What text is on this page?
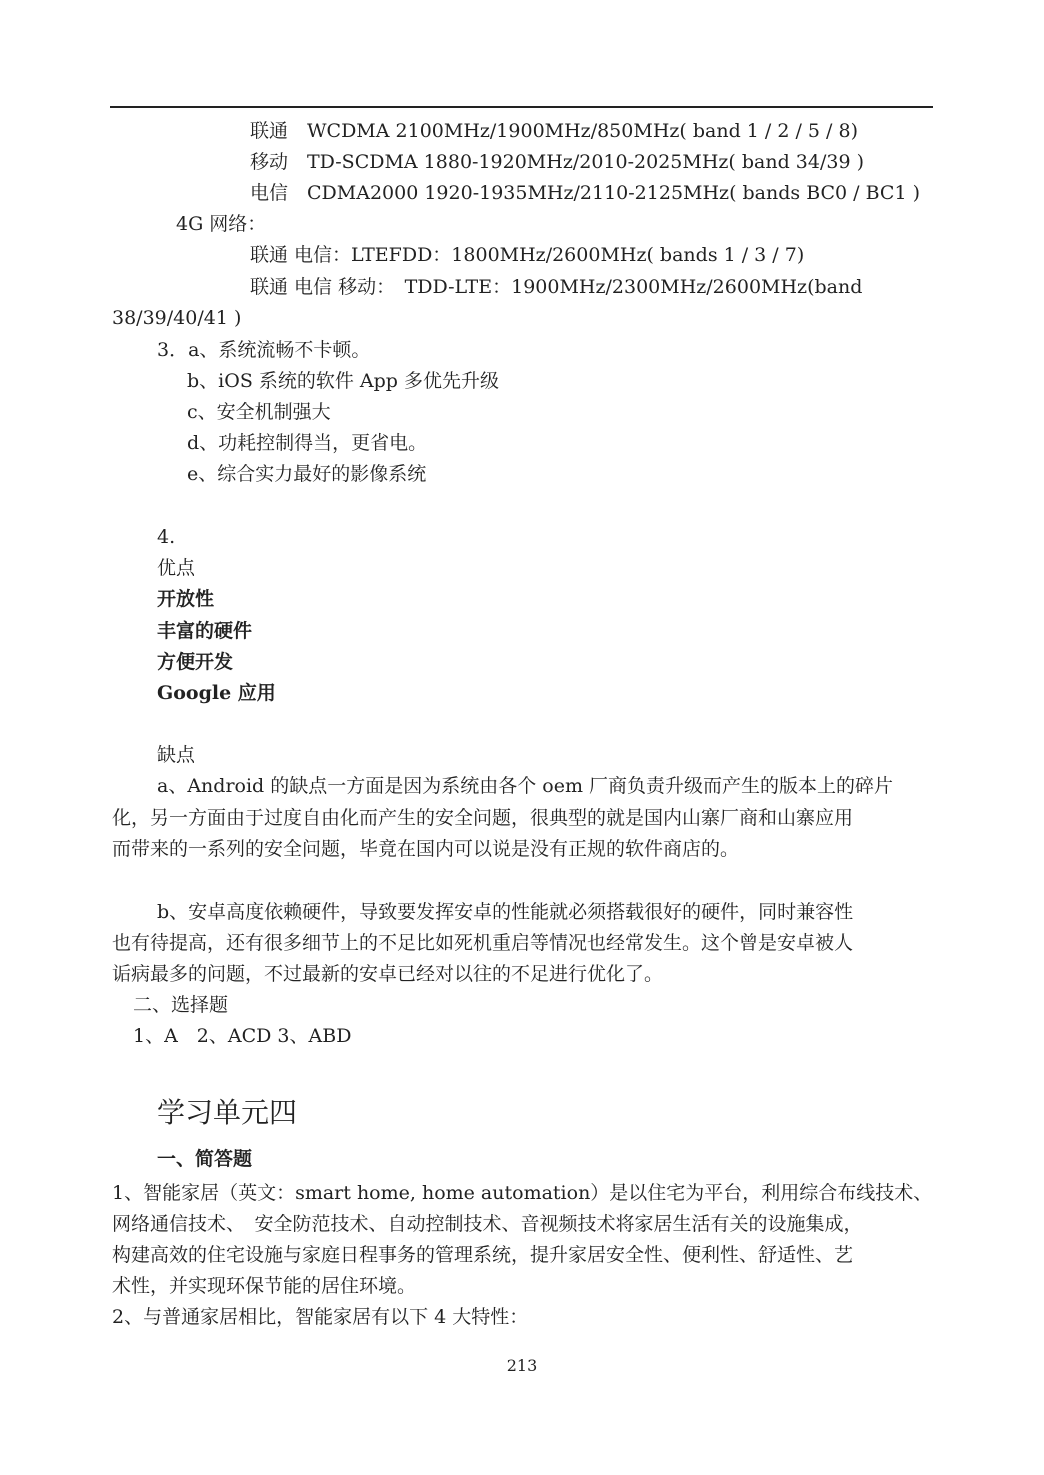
联通　WCDMA 2100MHz/1900MHz/850MHz( band 1 / 2 / 5 / 8)
移动　TD-SCDMA 1880-1920MHz/2010-2025MHz( band 34/39 )
电信　CDMA2000 1920-1935MHz/2110-2125MHz( bands BC0 / BC1 )
4G 网络：
联通 电信：LTEFDD：1800MHz/2600MHz( bands 1 / 3 / 7)
联通 电信 移动：　TDD-LTE：1900MHz/2300MHz/2600MHz(band
38/39/40/41 )
3．a、系统流畅不卡顿。
b、iOS 系统的软件 App 多优先升级
c、安全机制强大
d、功耗控制得当，更省电。
e、综合实力最好的影像系统
4.
优点
开放性
丰富的硬件
方便开发
Google 应用
缺点
a、Android 的缺点一方面是因为系统由各个 oem 厂商负责升级而产生的版本上的碎片
化，另一方面由于过度自由化而产生的安全问题，很典型的就是国内山寨厂商和山寨应用
而带来的一系列的安全问题，毕竟在国内可以说是没有正规的软件商店的。
b、安卓高度依赖硬件，导致要发挥安卓的性能就必须搭载很好的硬件，同时兼容性
也有待提高，还有很多细节上的不足比如死机重启等情况也经常发生。这个曾是安卓被人
诟病最多的问题，不过最新的安卓已经对以往的不足进行优化了。
二、选择题
1、A　2、ACD 3、ABD
1、智能家居（英文：smart home, home automation）是以住宅为平台，利用综合布线技术、
网络通信技术、　安全防范技术、自动控制技术、音视频技术将家居生活有关的设施集成，
构建高效的住宅设施与家庭日程事务的管理系统，提升家居安全性、便利性、舒适性、艺
术性，并实现环保节能的居住环境。
2、与普通家居相比，智能家居有以下 4 大特性：
学习单元四
一、简答题
213
